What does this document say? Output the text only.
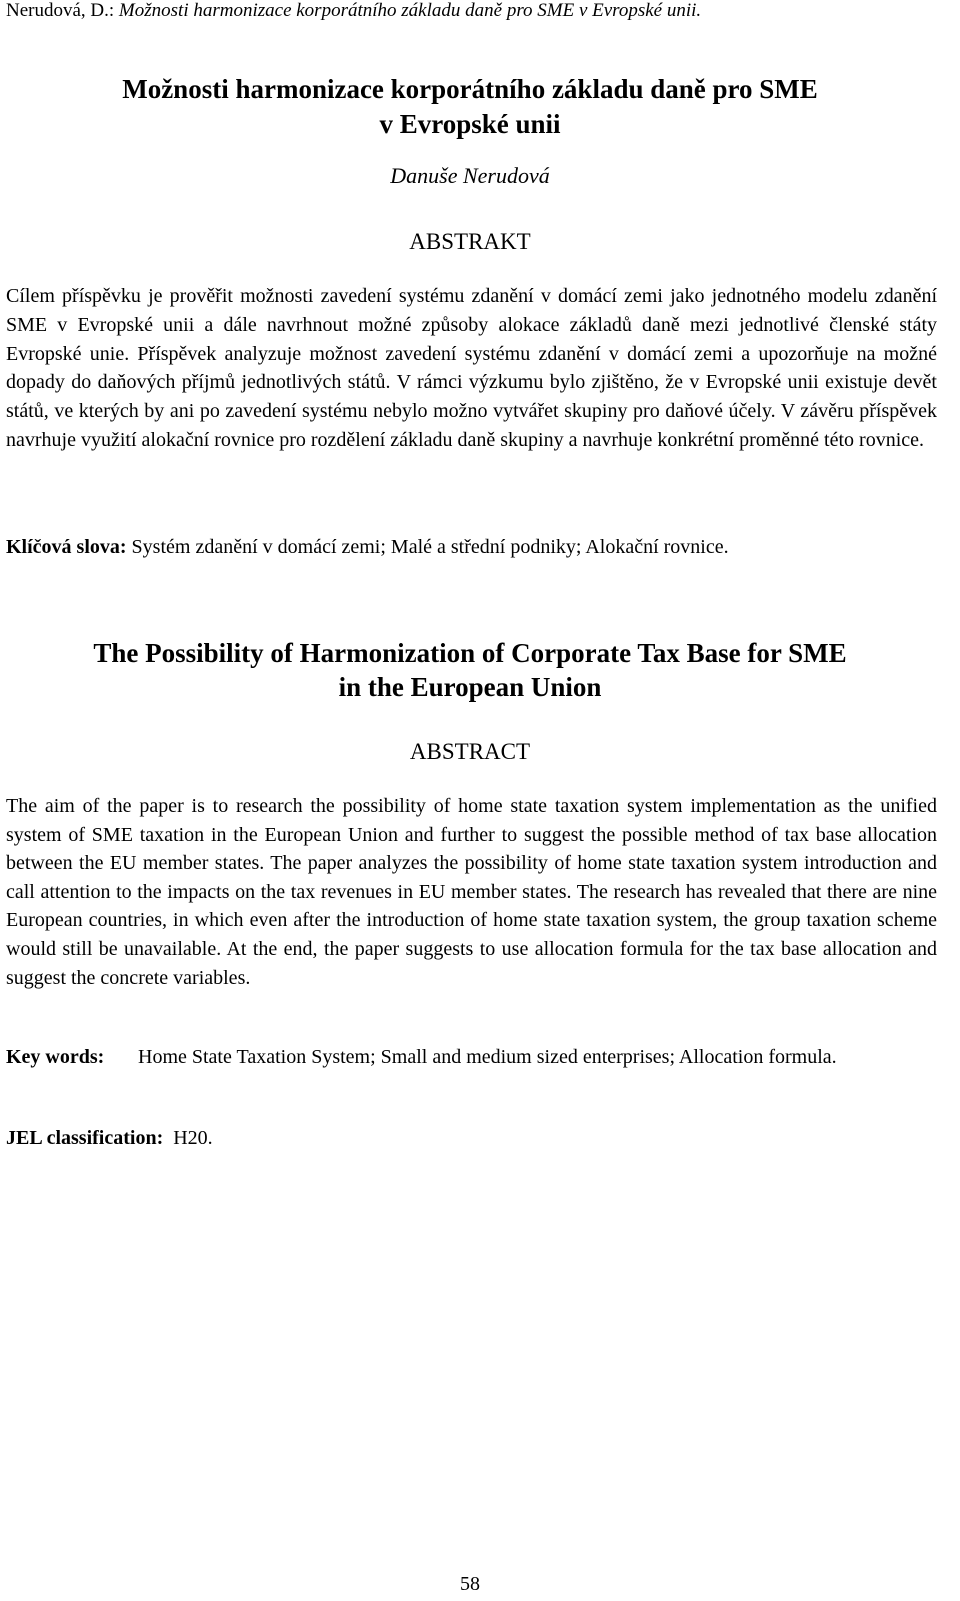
Nerudová, D.: Možnosti harmonizace korporátního základu daně pro SME v Evropské unii.
Možnosti harmonizace korporátního základu daně pro SME
v Evropské unii
Danuše Nerudová
ABSTRAKT
Cílem příspěvku je prověřit možnosti zavedení systému zdanění v domácí zemi jako jednotného modelu zdanění SME v Evropské unii a dále navrhnout možné způsoby alokace základů daně mezi jednotlivé členské státy Evropské unie. Příspěvek analyzuje možnost zavedení systému zdanění v domácí zemi a upozorňuje na možné dopady do daňových příjmů jednotlivých států. V rámci výzkumu bylo zjištěno, že v Evropské unii existuje devět států, ve kterých by ani po zavedení systému nebylo možno vytvářet skupiny pro daňové účely. V závěru příspěvek navrhuje využití alokační rovnice pro rozdělení základu daně skupiny a navrhuje konkrétní proměnné této rovnice.
Klíčová slova: Systém zdanění v domácí zemi; Malé a střední podniky; Alokační rovnice.
The Possibility of Harmonization of Corporate Tax Base for SME
in the European Union
ABSTRACT
The aim of the paper is to research the possibility of home state taxation system implementation as the unified system of SME taxation in the European Union and further to suggest the possible method of tax base allocation between the EU member states. The paper analyzes the possibility of home state taxation system introduction and call attention to the impacts on the tax revenues in EU member states. The research has revealed that there are nine European countries, in which even after the introduction of home state taxation system, the group taxation scheme would still be unavailable. At the end, the paper suggests to use allocation formula for the tax base allocation and suggest the concrete variables.
Key words: Home State Taxation System; Small and medium sized enterprises; Allocation formula.
JEL classification: H20.
58
